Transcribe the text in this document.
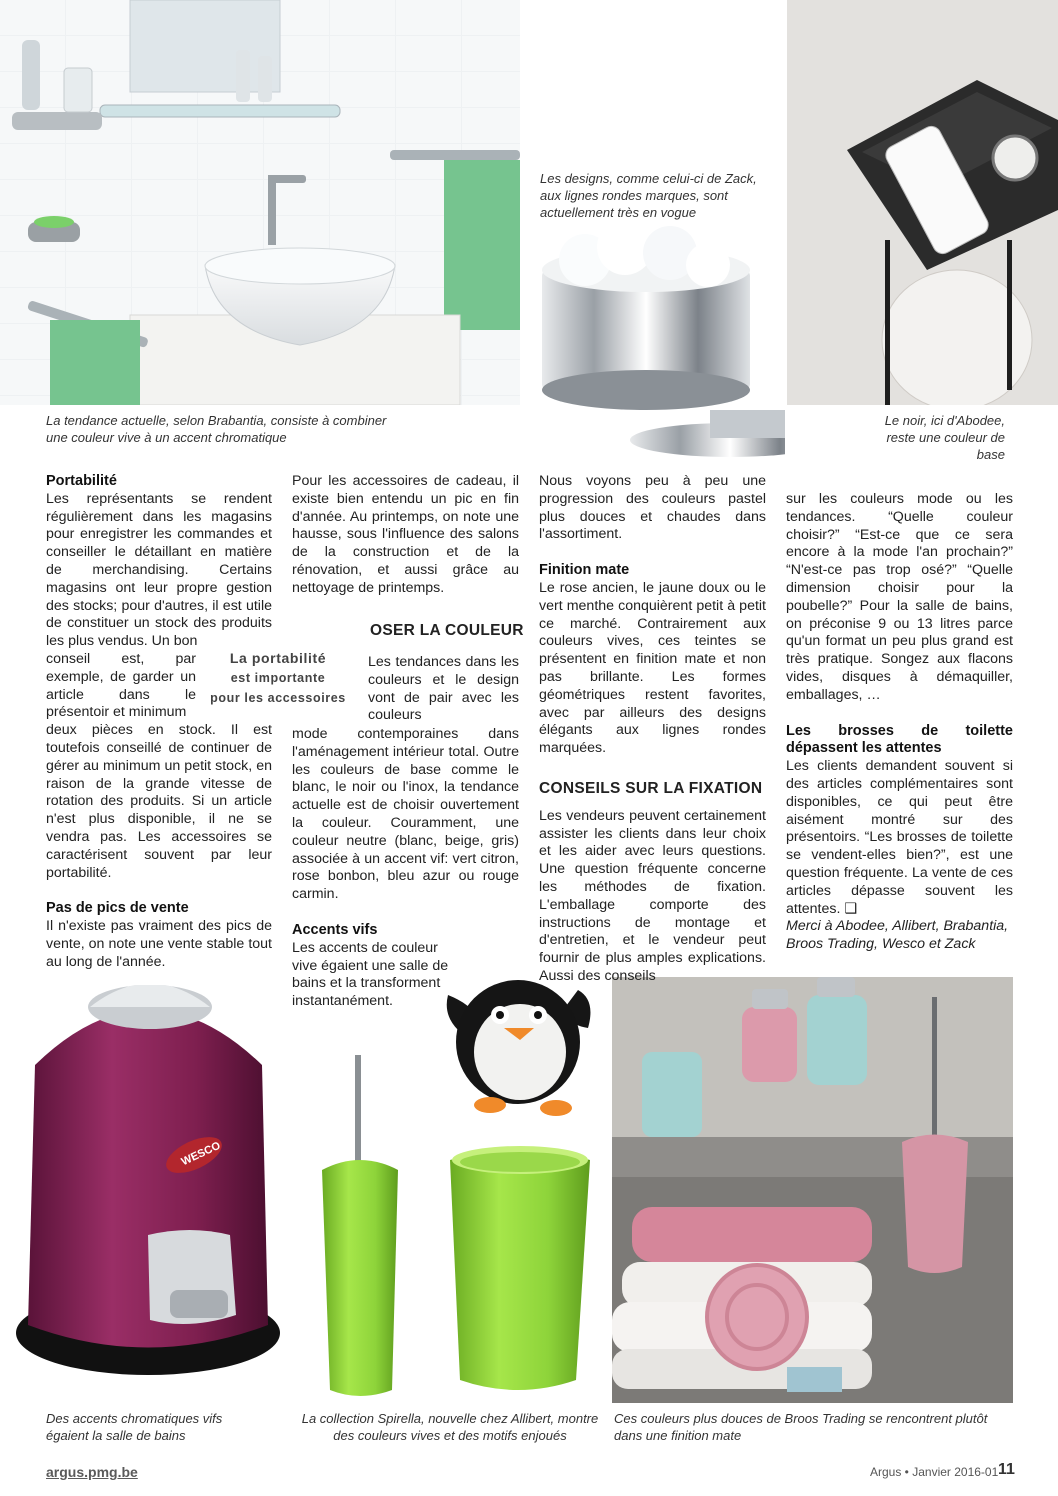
WESCO
Les designs, comme celui-ci de Zack, aux lignes rondes marques, sont actuellement très en vogue
La tendance actuelle, selon Brabantia, consiste à combiner une couleur vive à un accent chromatique
Le noir, ici d'Abodee, reste une couleur de base
Des accents chromatiques vifs égaient la salle de bains
La collection Spirella, nouvelle chez Allibert, montre des couleurs vives et des motifs enjoués
Ces couleurs plus douces de Broos Trading se rencontrent plutôt dans une finition mate

Portabilité

Les représentants se rendent régulièrement dans les magasins pour enregistrer les commandes et conseiller le détaillant en matière de merchandising. Certains magasins ont leur propre gestion des stocks; pour d'autres, il est utile de constituer un stock des produits les plus vendus. Un bon

conseil est, par exemple, de garder un article dans le présentoir et minimum

deux pièces en stock. Il est toutefois conseillé de continuer de gérer au minimum un petit stock, en raison de la grande vitesse de rotation des produits. Si un article n'est plus disponible, il ne se vendra pas. Les accessoires se caractérisent souvent par leur portabilité.

Pas de pics de vente

Il n'existe pas vraiment des pics de vente, on note une vente stable tout au long de l'année.

La portabilité
est importante
pour les accessoires

Pour les accessoires de cadeau, il existe bien entendu un pic en fin d'année. Au printemps, on note une hausse, sous l'influence des salons de la construction et de la rénovation, et aussi grâce au nettoyage de printemps.

OSER LA COULEUR

Les tendances dans les couleurs et le design vont de pair avec les couleurs

mode contemporaines dans l'aménagement intérieur total. Outre les couleurs de base comme le blanc, le noir ou l'inox, la tendance actuelle est de choisir ouvertement la couleur. Couramment, une couleur neutre (blanc, beige, gris) associée à un accent vif: vert citron, rose bonbon, bleu azur ou rouge carmin.

Accents vifs

Les accents de couleur vive égaient une salle de bains et la transforment instantanément.

Nous voyons peu à peu une progression des couleurs pastel plus douces et chaudes dans l'assortiment.

Finition mate

Le rose ancien, le jaune doux ou le vert menthe conquièrent petit à petit ce marché. Contrairement aux couleurs vives, ces teintes se présentent en finition mate et non pas brillante. Les formes géométriques restent favorites, avec par ailleurs des designs élégants aux lignes rondes marquées.

CONSEILS SUR LA FIXATION

Les vendeurs peuvent certainement assister les clients dans leur choix et les aider avec leurs questions. Une question fréquente concerne les méthodes de fixation. L'emballage comporte des instructions de montage et d'entretien, et le vendeur peut fournir de plus amples explications. Aussi des conseils

sur les couleurs mode ou les tendances. “Quelle couleur choisir?” “Est-ce que ce sera encore à la mode l'an prochain?” “N'est-ce pas trop osé?” “Quelle dimension choisir pour la poubelle?” Pour la salle de bains, on préconise 9 ou 13 litres parce qu'un format un peu plus grand est très pratique. Songez aux flacons vides, disques à démaquiller, emballages, …

Les brosses de toilette dépassent les attentes

Les clients demandent souvent si des articles complémentaires sont disponibles, ce qui peut être aisément montré sur des présentoirs. “Les brosses de toilette se vendent-elles bien?”, est une question fréquente. La vente de ces articles dépasse souvent les attentes. ❑

Merci à Abodee, Allibert, Brabantia, Broos Trading, Wesco et Zack

argus.pmg.be	Argus • Janvier 2016-01 11
